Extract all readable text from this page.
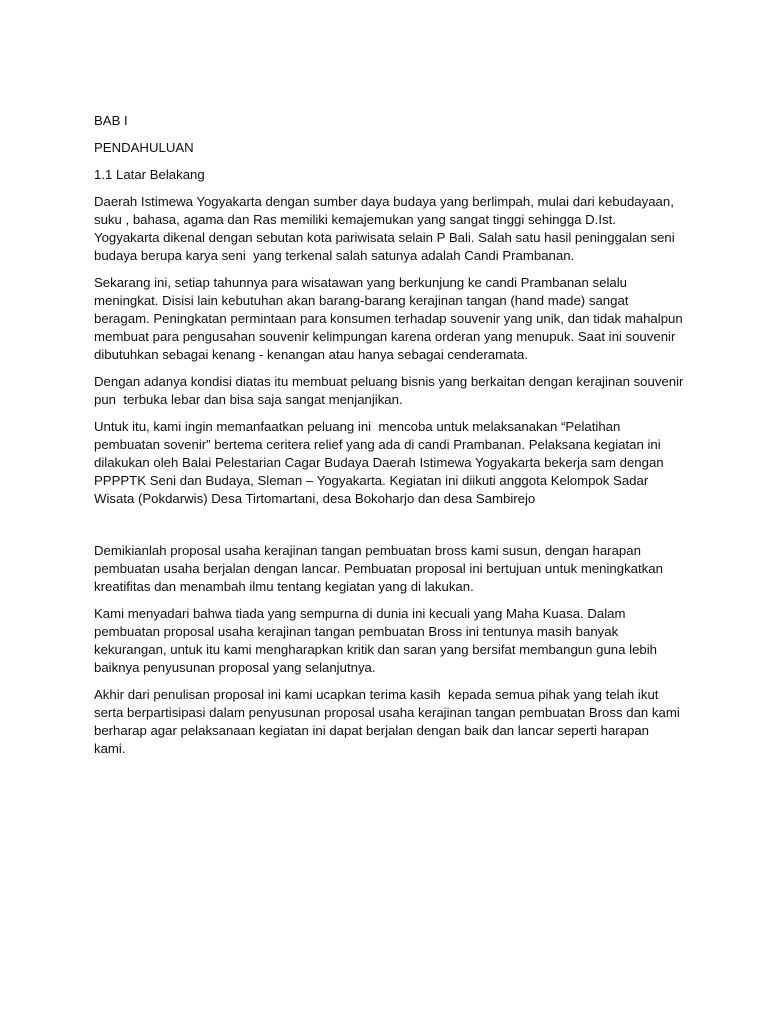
BAB I
PENDAHULUAN
1.1 Latar Belakang
Daerah Istimewa Yogyakarta dengan sumber daya budaya yang berlimpah, mulai dari kebudayaan, suku , bahasa, agama dan Ras memiliki kemajemukan yang sangat tinggi sehingga D.Ist. Yogyakarta dikenal dengan sebutan kota pariwisata selain P Bali. Salah satu hasil peninggalan seni budaya berupa karya seni  yang terkenal salah satunya adalah Candi Prambanan.
Sekarang ini, setiap tahunnya para wisatawan yang berkunjung ke candi Prambanan selalu meningkat. Disisi lain kebutuhan akan barang-barang kerajinan tangan (hand made) sangat beragam. Peningkatan permintaan para konsumen terhadap souvenir yang unik, dan tidak mahalpun membuat para pengusahan souvenir kelimpungan karena orderan yang menupuk. Saat ini souvenir  dibutuhkan sebagai kenang - kenangan atau hanya sebagai cenderamata.
Dengan adanya kondisi diatas itu membuat peluang bisnis yang berkaitan dengan kerajinan souvenir pun  terbuka lebar dan bisa saja sangat menjanjikan.
Untuk itu, kami ingin memanfaatkan peluang ini  mencoba untuk melaksanakan “Pelatihan pembuatan sovenir” bertema ceritera relief yang ada di candi Prambanan. Pelaksana kegiatan ini dilakukan oleh Balai Pelestarian Cagar Budaya Daerah Istimewa Yogyakarta bekerja sam dengan PPPPTK Seni dan Budaya, Sleman – Yogyakarta. Kegiatan ini diikuti anggota Kelompok Sadar Wisata (Pokdarwis) Desa Tirtomartani, desa Bokoharjo dan desa Sambirejo
Demikianlah proposal usaha kerajinan tangan pembuatan bross kami susun, dengan harapan pembuatan usaha berjalan dengan lancar. Pembuatan proposal ini bertujuan untuk meningkatkan kreatifitas dan menambah ilmu tentang kegiatan yang di lakukan.
Kami menyadari bahwa tiada yang sempurna di dunia ini kecuali yang Maha Kuasa. Dalam pembuatan proposal usaha kerajinan tangan pembuatan Bross ini tentunya masih banyak kekurangan, untuk itu kami mengharapkan kritik dan saran yang bersifat membangun guna lebih baiknya penyusunan proposal yang selanjutnya.
Akhir dari penulisan proposal ini kami ucapkan terima kasih  kepada semua pihak yang telah ikut serta berpartisipasi dalam penyusunan proposal usaha kerajinan tangan pembuatan Bross dan kami berharap agar pelaksanaan kegiatan ini dapat berjalan dengan baik dan lancar seperti harapan kami.
